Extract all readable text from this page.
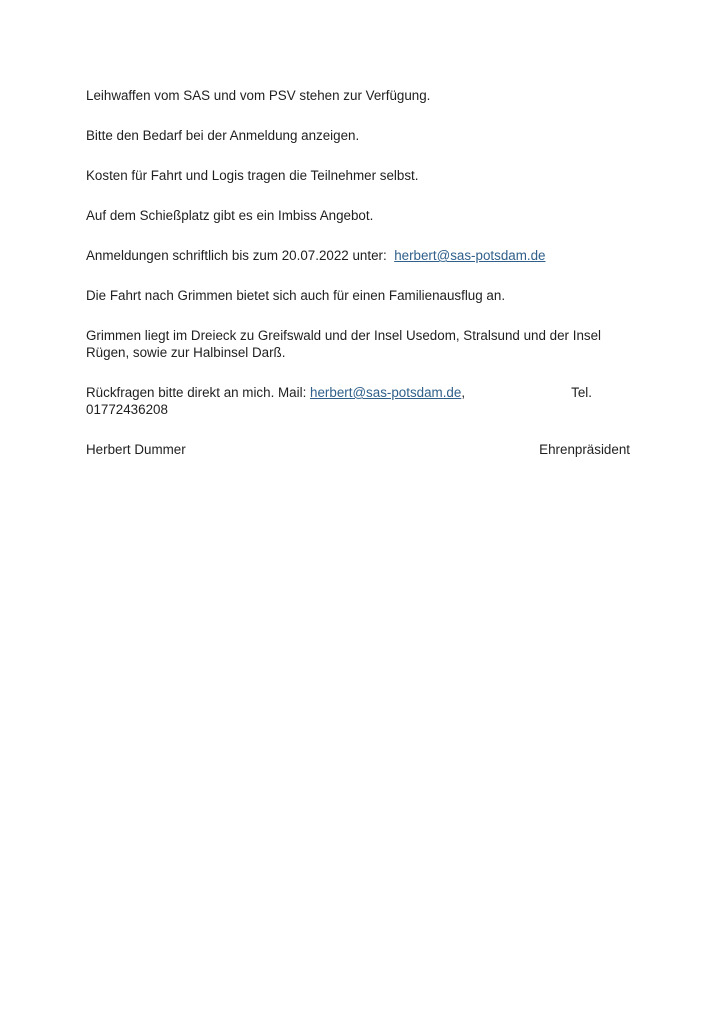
Leihwaffen vom SAS und vom PSV stehen zur Verfügung.

Bitte den Bedarf bei der Anmeldung anzeigen.

Kosten für Fahrt und Logis tragen die Teilnehmer selbst.

Auf dem Schießplatz gibt es ein Imbiss Angebot.

Anmeldungen schriftlich bis zum 20.07.2022 unter: herbert@sas-potsdam.de

Die Fahrt nach Grimmen bietet sich auch für einen Familienausflug an.

Grimmen liegt im Dreieck zu Greifswald und der Insel Usedom, Stralsund und der Insel
Rügen, sowie zur Halbinsel Darß.
Rückfragen bitte direkt an mich. Mail: herbert@sas-potsdam.de,	Tel.
01772436208
Herbert Dummer	Ehrenpräsident
